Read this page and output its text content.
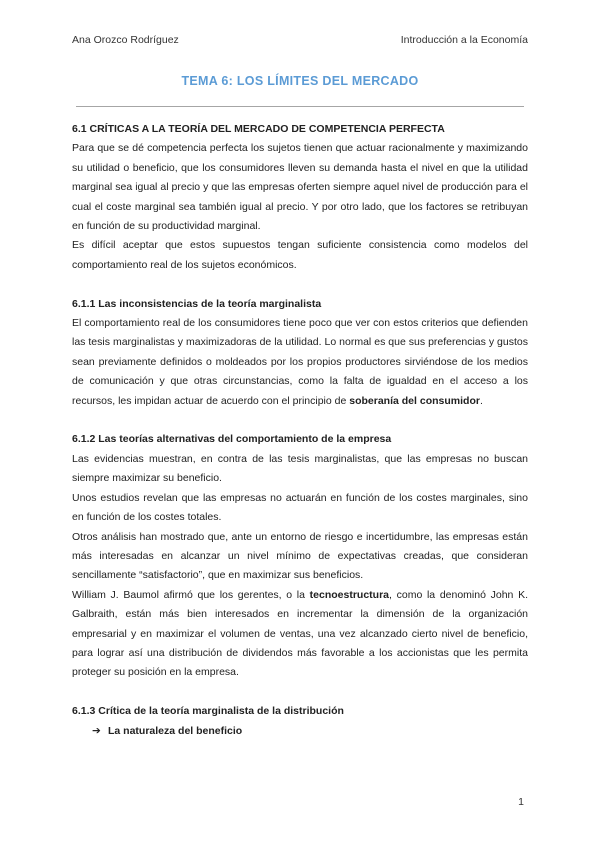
Ana Orozco Rodríguez	Introducción a la Economía
TEMA 6: LOS LÍMITES DEL MERCADO
6.1 CRÍTICAS A LA TEORÍA DEL MERCADO DE COMPETENCIA PERFECTA

Para que se dé competencia perfecta los sujetos tienen que actuar racionalmente y maximizando su utilidad o beneficio, que los consumidores lleven su demanda hasta el nivel en que la utilidad marginal sea igual al precio y que las empresas oferten siempre aquel nivel de producción para el cual el coste marginal sea también igual al precio. Y por otro lado, que los factores se retribuyan en función de su productividad marginal.

Es difícil aceptar que estos supuestos tengan suficiente consistencia como modelos del comportamiento real de los sujetos económicos.

6.1.1 Las inconsistencias de la teoría marginalista

El comportamiento real de los consumidores tiene poco que ver con estos criterios que defienden las tesis marginalistas y maximizadoras de la utilidad. Lo normal es que sus preferencias y gustos sean previamente definidos o moldeados por los propios productores sirviéndose de los medios de comunicación y que otras circunstancias, como la falta de igualdad en el acceso a los recursos, les impidan actuar de acuerdo con el principio de soberanía del consumidor.

6.1.2 Las teorías alternativas del comportamiento de la empresa

Las evidencias muestran, en contra de las tesis marginalistas, que las empresas no buscan siempre maximizar su beneficio.

Unos estudios revelan que las empresas no actuarán en función de los costes marginales, sino en función de los costes totales.

Otros análisis han mostrado que, ante un entorno de riesgo e incertidumbre, las empresas están más interesadas en alcanzar un nivel mínimo de expectativas creadas, que consideran sencillamente “satisfactorio”, que en maximizar sus beneficios.

William J. Baumol afirmó que los gerentes, o la tecnoestructura, como la denominó John K. Galbraith, están más bien interesados en incrementar la dimensión de la organización empresarial y en maximizar el volumen de ventas, una vez alcanzado cierto nivel de beneficio, para lograr así una distribución de dividendos más favorable a los accionistas que les permita proteger su posición en la empresa.

6.1.3 Crítica de la teoría marginalista de la distribución
➔ La naturaleza del beneficio
1
